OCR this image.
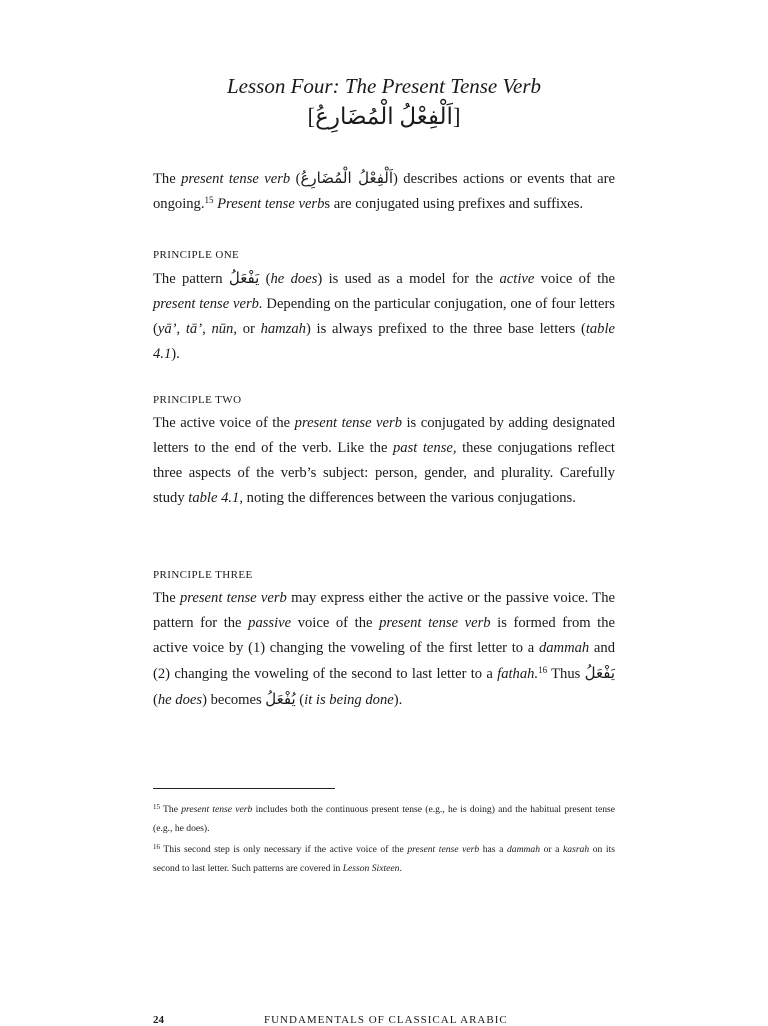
Lesson Four: The Present Tense Verb
[اَلْفِعْلُ الْمُضَارِعُ]

The present tense verb (اَلْفِعْلُ الْمُضَارِعُ) describes actions or events that are ongoing.$^{15}$ Present tense verbs are conjugated using prefixes and suffixes.

PRINCIPLE ONE

The pattern يَفْعَلُ (he does) is used as a model for the active voice of the present tense verb. Depending on the particular conjugation, one of four letters (yā’, tā’, nūn, or hamzah) is always prefixed to the three base letters (table 4.1).

PRINCIPLE TWO

The active voice of the present tense verb is conjugated by adding designated letters to the end of the verb. Like the past tense, these conjugations reflect three aspects of the verb’s subject: person, gender, and plurality. Carefully study table 4.1, noting the differences between the various conjugations.

PRINCIPLE THREE

The present tense verb may express either the active or the passive voice. The pattern for the passive voice of the present tense verb is formed from the active voice by (1) changing the voweling of the first letter to a dammah and (2) changing the voweling of the second to last letter to a fathah.$^{16}$ Thus يَفْعَلُ (he does) becomes يُفْعَلُ (it is being done).

$^{15}$ The present tense verb includes both the continuous present tense (e.g., he is doing) and the habitual present tense (e.g., he does).

$^{16}$ This second step is only necessary if the active voice of the present tense verb has a dammah or a kasrah on its second to last letter. Such patterns are covered in Lesson Sixteen.

24	FUNDAMENTALS OF CLASSICAL ARABIC
